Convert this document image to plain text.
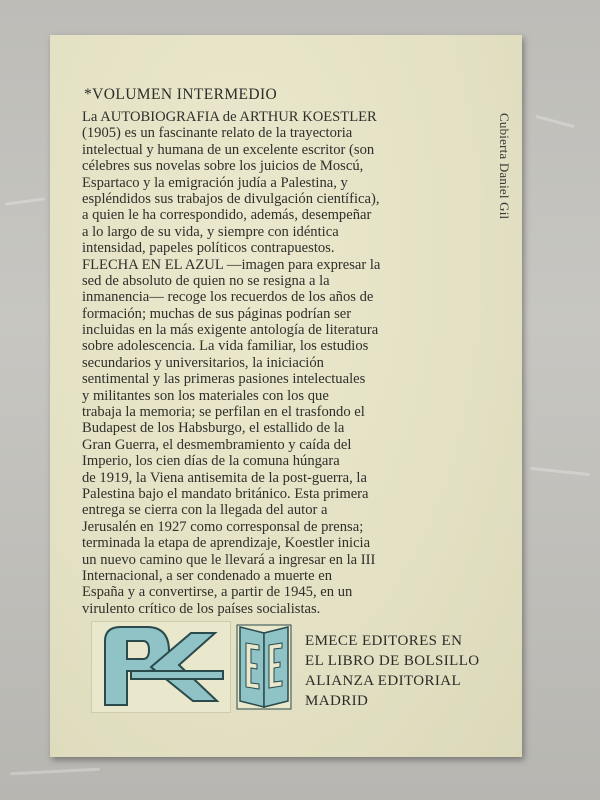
Cubierta Daniel Gil
*VOLUMEN INTERMEDIO
La AUTOBIOGRAFIA de ARTHUR KOESTLER
(1905) es un fascinante relato de la trayectoria
intelectual y humana de un excelente escritor (son
célebres sus novelas sobre los juicios de Moscú,
Espartaco y la emigración judía a Palestina, y
espléndidos sus trabajos de divulgación científica),
a quien le ha correspondido, además, desempeñar
a lo largo de su vida, y siempre con idéntica
intensidad, papeles políticos contrapuestos.
FLECHA EN EL AZUL —imagen para expresar la
sed de absoluto de quien no se resigna a la
inmanencia— recoge los recuerdos de los años de
formación; muchas de sus páginas podrían ser
incluidas en la más exigente antología de literatura
sobre adolescencia. La vida familiar, los estudios
secundarios y universitarios, la iniciación
sentimental y las primeras pasiones intelectuales
y militantes son los materiales con los que
trabaja la memoria; se perfilan en el trasfondo el
Budapest de los Habsburgo, el estallido de la
Gran Guerra, el desmembramiento y caída del
Imperio, los cien días de la comuna húngara
de 1919, la Viena antisemita de la post-guerra, la
Palestina bajo el mandato británico. Esta primera
entrega se cierra con la llegada del autor a
Jerusalén en 1927 como corresponsal de prensa;
terminada la etapa de aprendizaje, Koestler inicia
un nuevo camino que le llevará a ingresar en la III
Internacional, a ser condenado a muerte en
España y a convertirse, a partir de 1945, en un
virulento crítico de los países socialistas.
EMECE EDITORES EN
EL LIBRO DE BOLSILLO
ALIANZA EDITORIAL
MADRID
